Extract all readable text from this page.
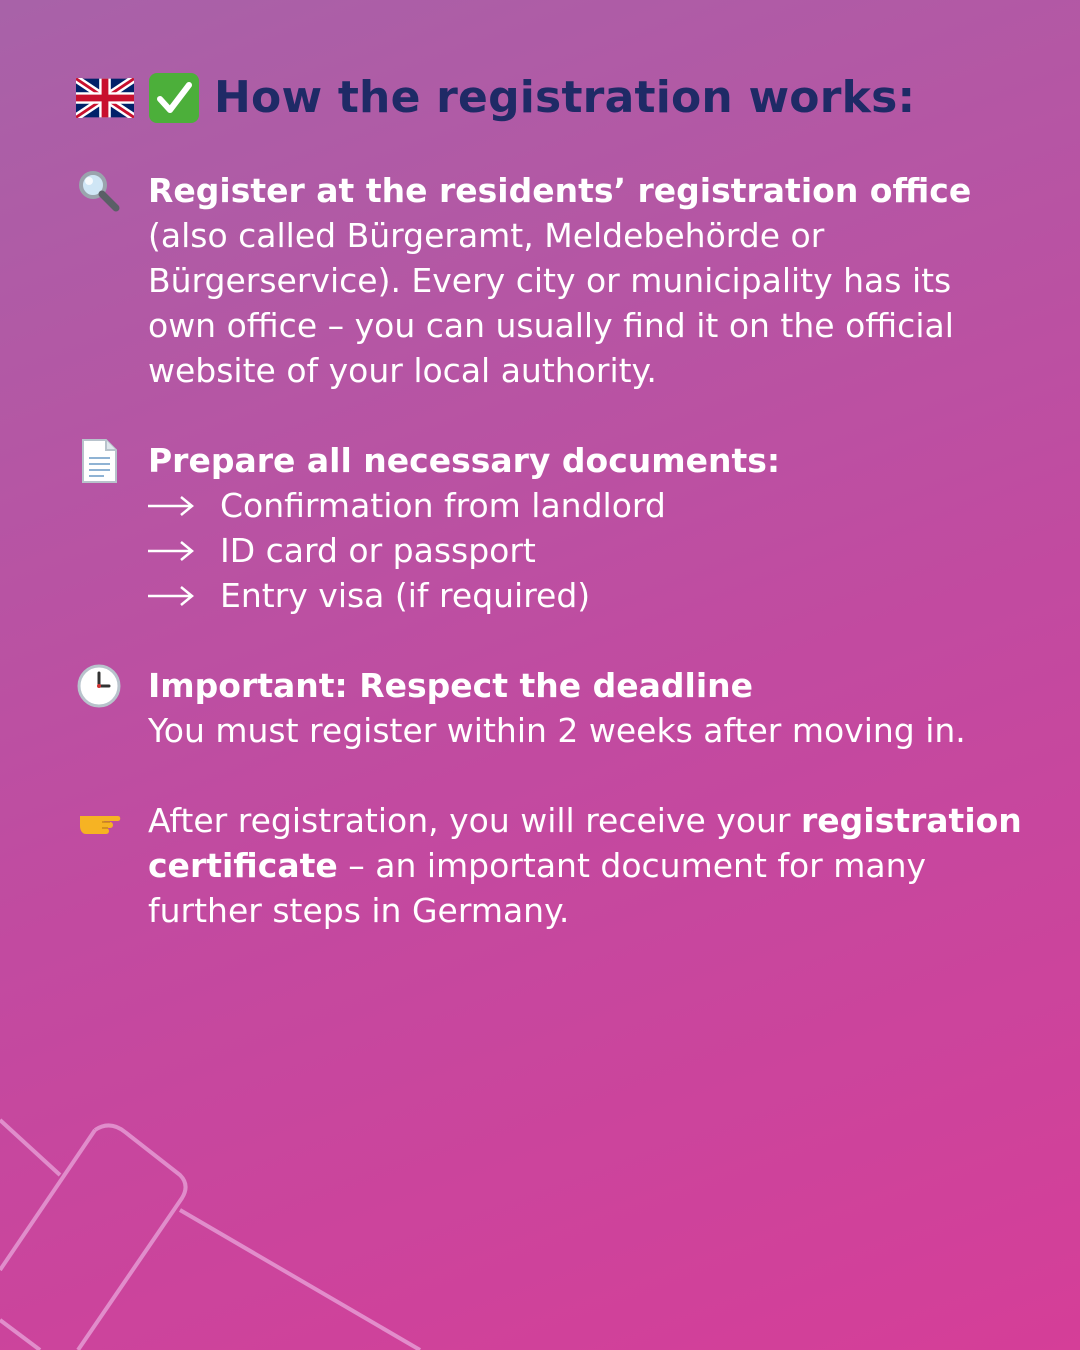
How the registration works:
Register at the residents’ registration office
(also called Bürgeramt, Meldebehörde or Bürgerservice). Every city or municipality has its own office – you can usually find it on the official website of your local authority.
Prepare all necessary documents:
Confirmation from landlord
ID card or passport
Entry visa (if required)
Important: Respect the deadline
You must register within 2 weeks after moving in.
After registration, you will receive your registration certificate – an important document for many further steps in Germany.
